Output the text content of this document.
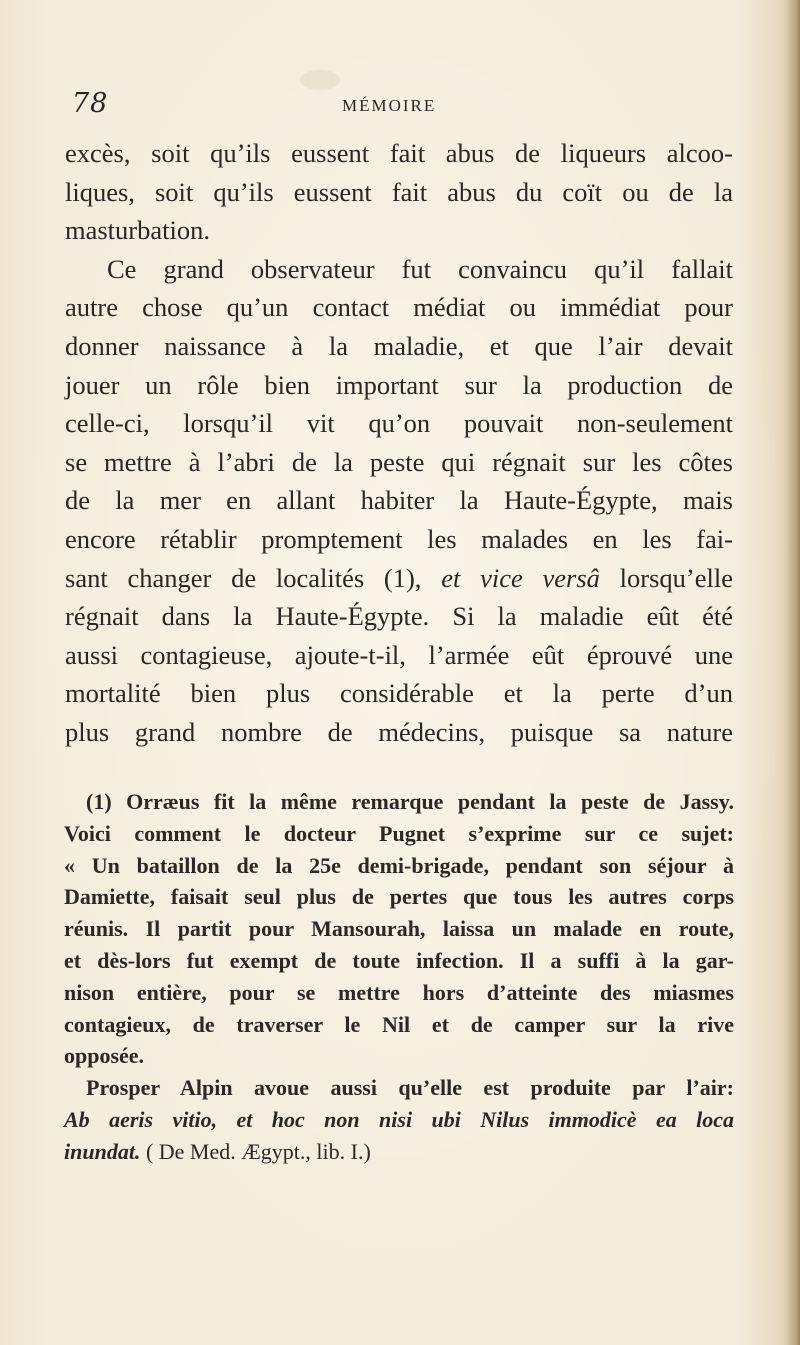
78	MÉMOIRE
excès, soit qu’ils eussent fait abus de liqueurs alcoo-
liques, soit qu’ils eussent fait abus du coït ou de la
masturbation.
Ce grand observateur fut convaincu qu’il fallait
autre chose qu’un contact médiat ou immédiat pour
donner naissance à la maladie, et que l’air devait
jouer un rôle bien important sur la production de
celle-ci, lorsqu’il vit qu’on pouvait non-seulement
se mettre à l’abri de la peste qui régnait sur les côtes
de la mer en allant habiter la Haute-Égypte, mais
encore rétablir promptement les malades en les fai-
sant changer de localités (1), et vice versâ lorsqu’elle
régnait dans la Haute-Égypte. Si la maladie eût été
aussi contagieuse, ajoute-t-il, l’armée eût éprouvé une
mortalité bien plus considérable et la perte d’un
plus grand nombre de médecins, puisque sa nature
(1) Orræus fit la même remarque pendant la peste de Jassy.
Voici comment le docteur Pugnet s’exprime sur ce sujet:
« Un bataillon de la 25e demi-brigade, pendant son séjour à
Damiette, faisait seul plus de pertes que tous les autres corps
réunis. Il partit pour Mansourah, laissa un malade en route,
et dès-lors fut exempt de toute infection. Il a suffi à la gar-
nison entière, pour se mettre hors d’atteinte des miasmes
contagieux, de traverser le Nil et de camper sur la rive
opposée.
Prosper Alpin avoue aussi qu’elle est produite par l’air:
Ab aeris vitio, et hoc non nisi ubi Nilus immodicè ea loca
inundat. ( De Med. Ægypt., lib. I.)
